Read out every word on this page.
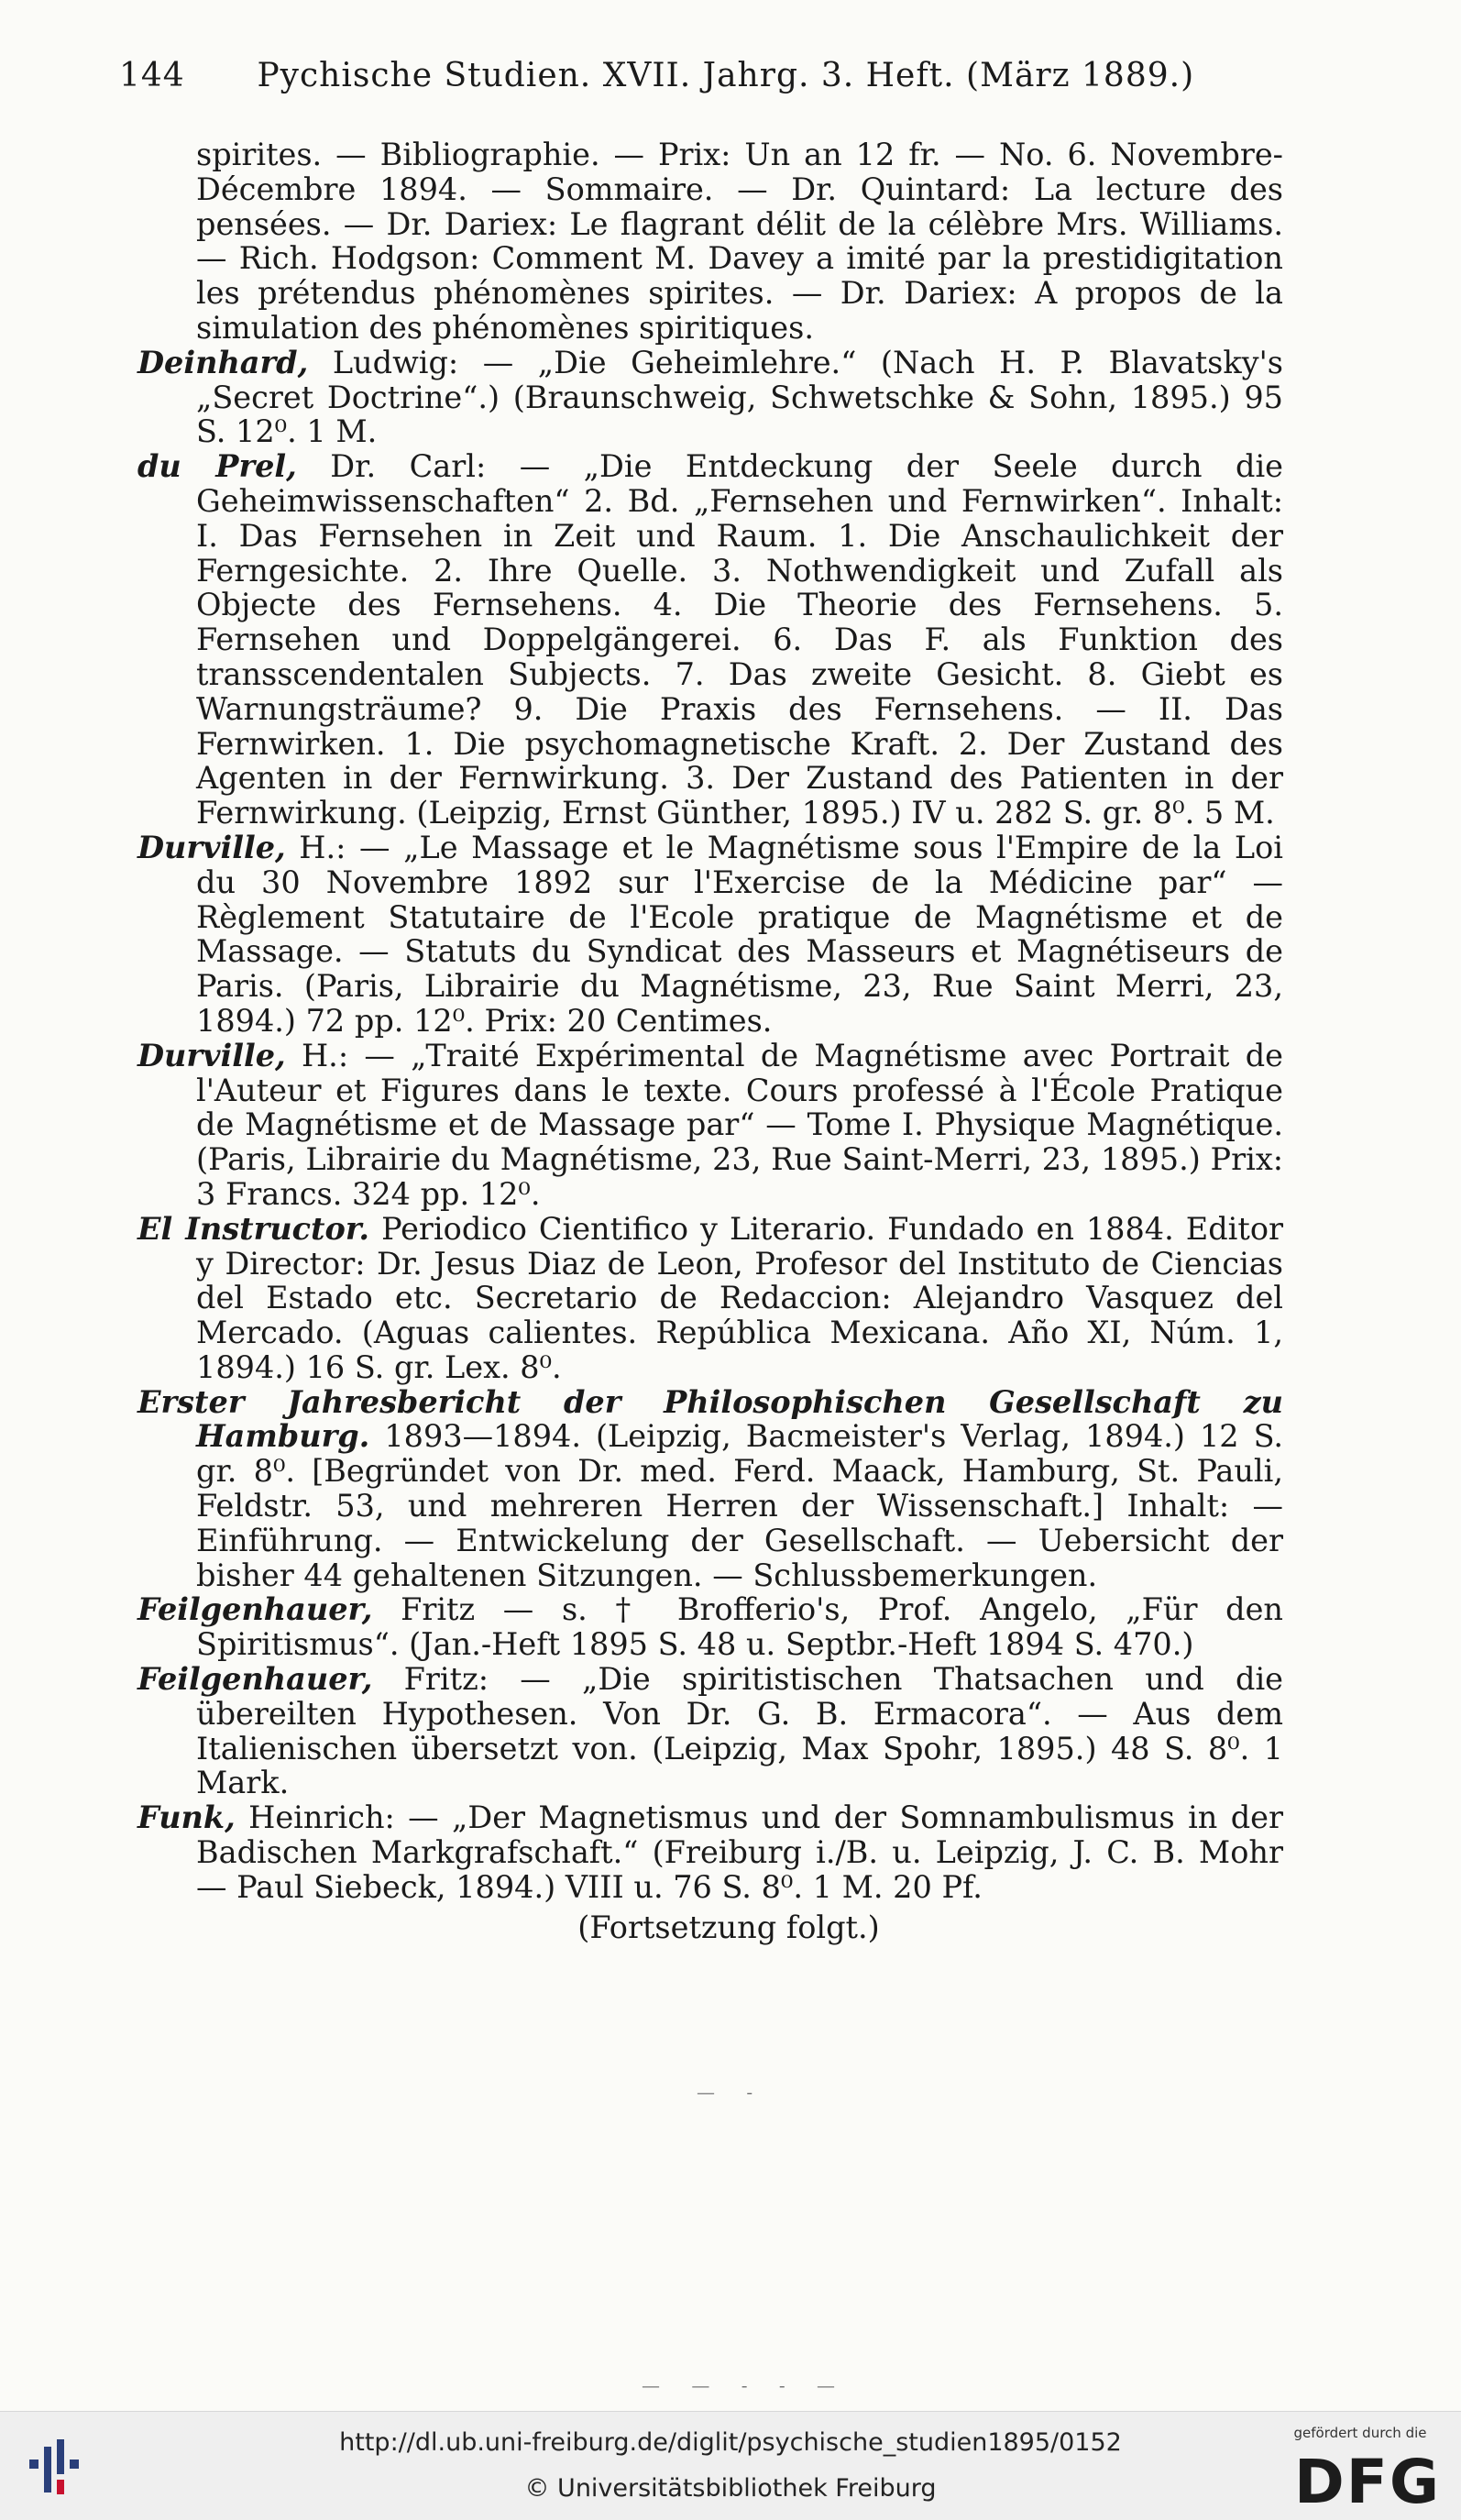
144 Pychische Studien. XVII. Jahrg. 3. Heft. (März 1889.)

spirites. — Bibliographie. — Prix: Un an 12 fr. — No. 6. Novembre-Décembre 1894. — Sommaire. — Dr. Quintard: La lecture des pensées. — Dr. Dariex: Le flagrant délit de la célèbre Mrs. Williams. — Rich. Hodgson: Comment M. Davey a imité par la prestidigitation les prétendus phénomènes spirites. — Dr. Dariex: A propos de la simulation des phénomènes spiritiques.

Deinhard, Ludwig: — „Die Geheimlehre.“ (Nach H. P. Blavatsky's „Secret Doctrine“.) (Braunschweig, Schwetschke & Sohn, 1895.) 95 S. 12⁰. 1 M.

du Prel, Dr. Carl: — „Die Entdeckung der Seele durch die Geheimwissenschaften“ 2. Bd. „Fernsehen und Fernwirken“. Inhalt: I. Das Fernsehen in Zeit und Raum. 1. Die Anschaulichkeit der Ferngesichte. 2. Ihre Quelle. 3. Nothwendigkeit und Zufall als Objecte des Fernsehens. 4. Die Theorie des Fernsehens. 5. Fernsehen und Doppelgängerei. 6. Das F. als Funktion des transscendentalen Subjects. 7. Das zweite Gesicht. 8. Giebt es Warnungsträume? 9. Die Praxis des Fernsehens. — II. Das Fernwirken. 1. Die psychomagnetische Kraft. 2. Der Zustand des Agenten in der Fernwirkung. 3. Der Zustand des Patienten in der Fernwirkung. (Leipzig, Ernst Günther, 1895.) IV u. 282 S. gr. 8⁰. 5 M.

Durville, H.: — „Le Massage et le Magnétisme sous l'Empire de la Loi du 30 Novembre 1892 sur l'Exercise de la Médicine par“ — Règlement Statutaire de l'Ecole pratique de Magnétisme et de Massage. — Statuts du Syndicat des Masseurs et Magnétiseurs de Paris. (Paris, Librairie du Magnétisme, 23, Rue Saint Merri, 23, 1894.) 72 pp. 12⁰. Prix: 20 Centimes.

Durville, H.: — „Traité Expérimental de Magnétisme avec Portrait de l'Auteur et Figures dans le texte. Cours professé à l'École Pratique de Magnétisme et de Massage par“ — Tome I. Physique Magnétique. (Paris, Librairie du Magnétisme, 23, Rue Saint-Merri, 23, 1895.) Prix: 3 Francs. 324 pp. 12⁰.

El Instructor. Periodico Cientifico y Literario. Fundado en 1884. Editor y Director: Dr. Jesus Diaz de Leon, Profesor del Instituto de Ciencias del Estado etc. Secretario de Redaccion: Alejandro Vasquez del Mercado. (Aguas calientes. República Mexicana. Año XI, Núm. 1, 1894.) 16 S. gr. Lex. 8⁰.

Erster Jahresbericht der Philosophischen Gesellschaft zu Hamburg. 1893—1894. (Leipzig, Bacmeister's Verlag, 1894.) 12 S. gr. 8⁰. [Begründet von Dr. med. Ferd. Maack, Hamburg, St. Pauli, Feldstr. 53, und mehreren Herren der Wissenschaft.] Inhalt: — Einführung. — Entwickelung der Gesellschaft. — Uebersicht der bisher 44 gehaltenen Sitzungen. — Schlussbemerkungen.

Feilgenhauer, Fritz — s. † Brofferio's, Prof. Angelo, „Für den Spiritismus“. (Jan.-Heft 1895 S. 48 u. Septbr.-Heft 1894 S. 470.)

Feilgenhauer, Fritz: — „Die spiritistischen Thatsachen und die übereilten Hypothesen. Von Dr. G. B. Ermacora“. — Aus dem Italienischen übersetzt von. (Leipzig, Max Spohr, 1895.) 48 S. 8⁰. 1 Mark.

Funk, Heinrich: — „Der Magnetismus und der Somnambulismus in der Badischen Markgrafschaft.“ (Freiburg i./B. u. Leipzig, J. C. B. Mohr — Paul Siebeck, 1894.) VIII u. 76 S. 8⁰. 1 M. 20 Pf.

(Fortsetzung folgt.)

— -
— — - - —
http://dl.ub.uni-freiburg.de/diglit/psychische_studien1895/0152
© Universitätsbibliothek Freiburg
gefördert durch die
DFG
